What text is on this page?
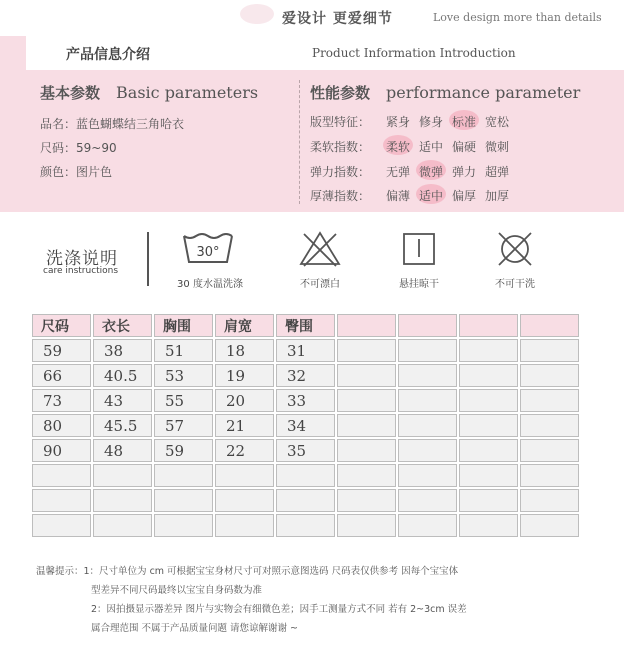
爱设计 更爱细节	Love design more than details
产品信息介绍	Product Information Introduction
基本参数 Basic parameters
品名：蓝色蝴蝶结三角哈衣
尺码：59~90
颜色：图片色
性能参数 performance parameter
版型特征： 紧身 修身 标准 宽松
柔软指数： 柔软 适中 偏硬 微刺
弹力指数： 无弹 微弹 弹力 超弹
厚薄指数： 偏薄 适中 偏厚 加厚
洗涤说明
care instructions
30°
30 度水温洗涤	不可漂白	悬挂晾干	不可干洗
尺码	衣长	胸围	肩宽	臀围				
59	38	51	18	31				
66	40.5	53	19	32				
73	43	55	20	33				
80	45.5	57	21	34				
90	48	59	22	35				

温馨提示：1：尺寸单位为 cm 可根据宝宝身材尺寸可对照示意图选码 尺码表仅供参考 因每个宝宝体
型差异不同尺码最终以宝宝自身码数为准
2：因拍摄显示器差异 图片与实物会有细微色差；因手工测量方式不同 若有 2~3cm 误差
属合理范围 不属于产品质量问题 请您谅解谢谢 ~
